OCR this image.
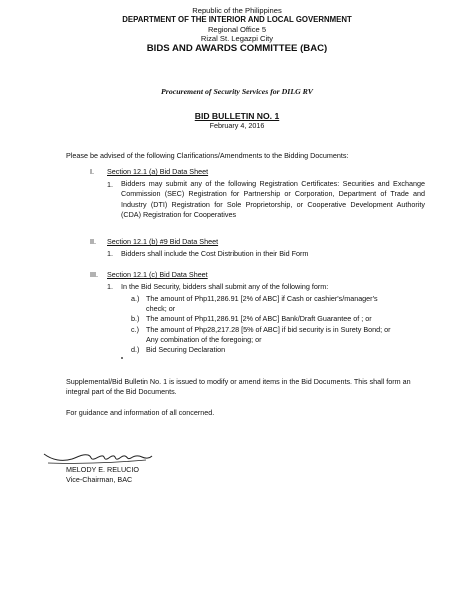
Republic of the Philippines
DEPARTMENT OF THE INTERIOR AND LOCAL GOVERNMENT
Regional Office 5
Rizal St. Legazpi City
BIDS AND AWARDS COMMITTEE (BAC)
Procurement of Security Services for DILG RV
BID BULLETIN NO. 1
February 4, 2016
Please be advised of the following Clarifications/Amendments to the Bidding Documents:
I. Section 12.1 (a) Bid Data Sheet
1. Bidders may submit any of the following Registration Certificates: Securities and Exchange Commission (SEC) Registration for Partnership or Corporation, Department of Trade and Industry (DTI) Registration for Sole Proprietorship, or Cooperative Development Authority (CDA) Registration for Cooperatives
II. Section 12.1 (b) #9 Bid Data Sheet
1. Bidders shall include the Cost Distribution in their Bid Form
III. Section 12.1 (c) Bid Data Sheet
1. In the Bid Security, bidders shall submit any of the following form:
a.) The amount of Php11,286.91 [2% of ABC] if Cash or cashier's/manager's
check; or
b.) The amount of Php11,286.91 [2% of ABC] Bank/Draft Guarantee of ; or
c.) The amount of Php28,217.28 [5% of ABC] if bid security is in Surety Bond; or
Any combination of the foregoing; or
d.) Bid Securing Declaration
Supplemental/Bid Bulletin No. 1 is issued to modify or amend items in the Bid Documents. This shall form an integral part of the Bid Documents.
For guidance and information of all concerned.
MELODY E. RELUCIO
Vice-Chairman, BAC
